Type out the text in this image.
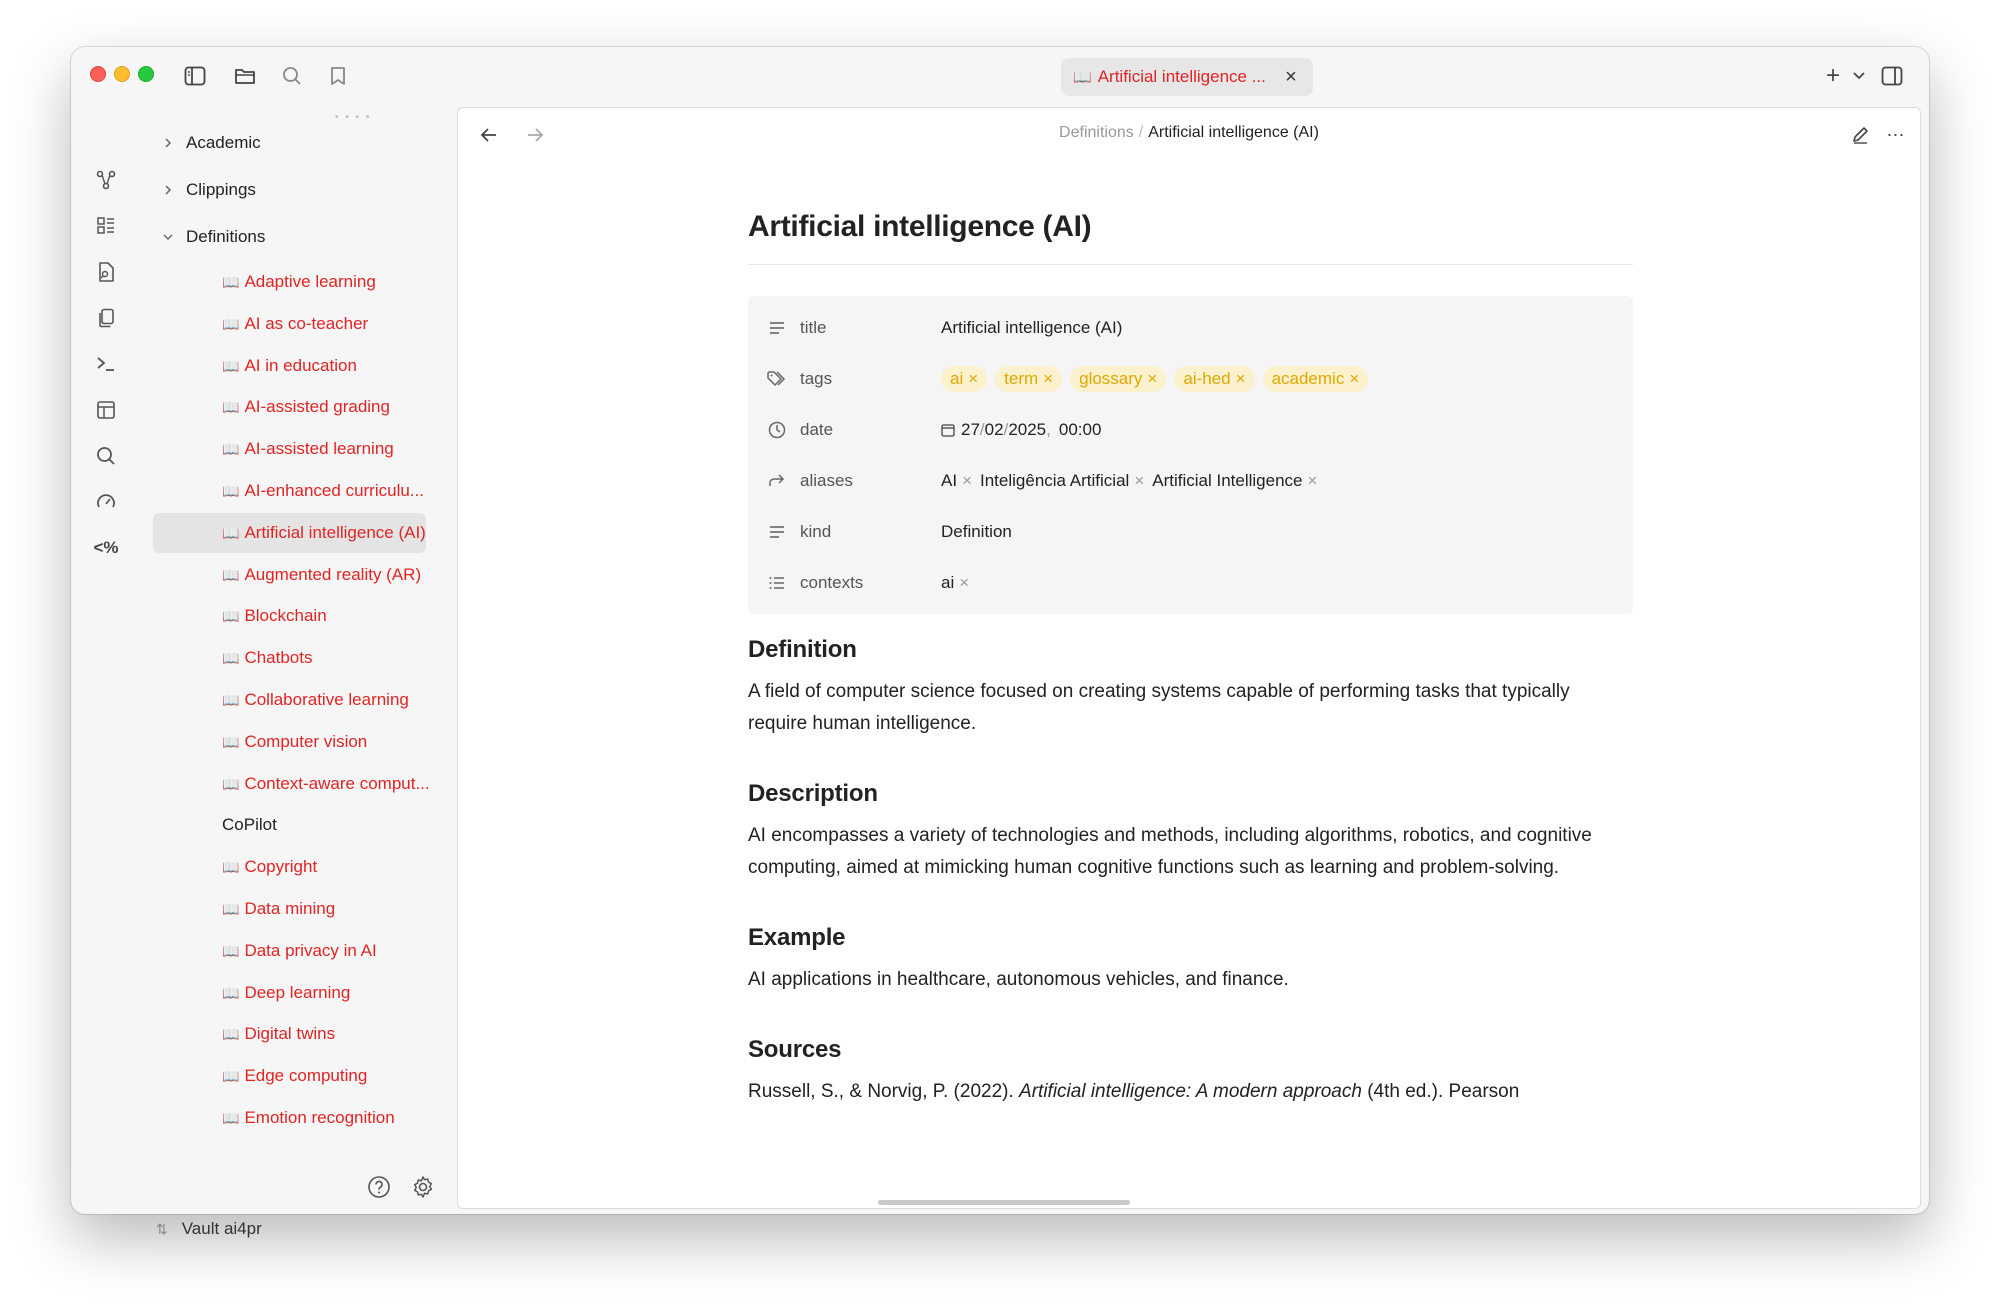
📖 Artificial intelligence ... ×	+
<%
• • • •
Academic
Clippings
Definitions
📖 Adaptive learning
📖 AI as co-teacher
📖 AI in education
📖 AI-assisted grading
📖 AI-assisted learning
📖 AI-enhanced curriculu...
📖 Artificial intelligence (AI)
📖 Augmented reality (AR)
📖 Blockchain
📖 Chatbots
📖 Collaborative learning
📖 Computer vision
📖 Context-aware comput...
CoPilot
📖 Copyright
📖 Data mining
📖 Data privacy in AI
📖 Deep learning
📖 Digital twins
📖 Edge computing
📖 Emotion recognition
⇅ Vault ai4pr
Definitions / Artificial intelligence (AI)	⋯
Artificial intelligence (AI)
title	Artificial intelligence (AI)
tags	ai ×	term ×	glossary ×	ai-hed ×	academic ×
date	27 / 02 / 2025 , 00:00
aliases	AI × Inteligência Artificial × Artificial Intelligence ×
kind	Definition
contexts	ai ×
Definition

A field of computer science focused on creating systems capable of performing tasks that typically require human intelligence.

Description

AI encompasses a variety of technologies and methods, including algorithms, robotics, and cognitive computing, aimed at mimicking human cognitive functions such as learning and problem-solving.

Example

AI applications in healthcare, autonomous vehicles, and finance.

Sources

Russell, S., & Norvig, P. (2022). Artificial intelligence: A modern approach (4th ed.). Pearson
